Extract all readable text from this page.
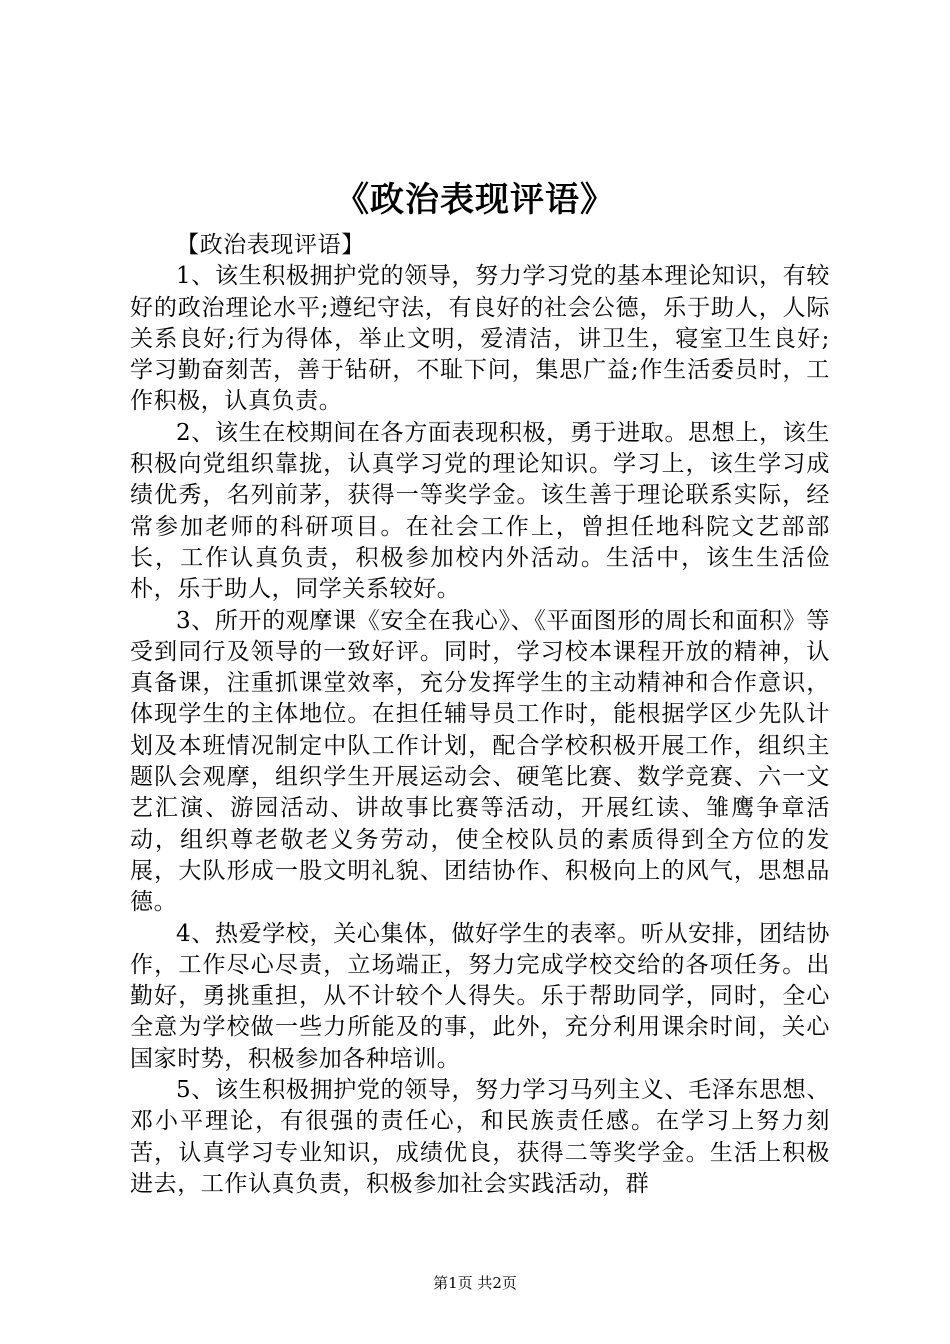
《政治表现评语》

【政治表现评语】

1、该生积极拥护党的领导，努力学习党的基本理论知识，有较好的政治理论水平;遵纪守法，有良好的社会公德，乐于助人，人际关系良好;行为得体，举止文明，爱清洁，讲卫生，寝室卫生良好;学习勤奋刻苦，善于钻研，不耻下问，集思广益;作生活委员时，工作积极，认真负责。

2、该生在校期间在各方面表现积极，勇于进取。思想上，该生积极向党组织靠拢，认真学习党的理论知识。学习上，该生学习成绩优秀，名列前茅，获得一等奖学金。该生善于理论联系实际，经常参加老师的科研项目。在社会工作上，曾担任地科院文艺部部长，工作认真负责，积极参加校内外活动。生活中，该生生活俭朴，乐于助人，同学关系较好。

3、所开的观摩课《安全在我心》、《平面图形的周长和面积》等受到同行及领导的一致好评。同时，学习校本课程开放的精神，认真备课，注重抓课堂效率，充分发挥学生的主动精神和合作意识，体现学生的主体地位。在担任辅导员工作时，能根据学区少先队计划及本班情况制定中队工作计划，配合学校积极开展工作，组织主题队会观摩，组织学生开展运动会、硬笔比赛、数学竞赛、六一文艺汇演、游园活动、讲故事比赛等活动，开展红读、雏鹰争章活动，组织尊老敬老义务劳动，使全校队员的素质得到全方位的发展，大队形成一股文明礼貌、团结协作、积极向上的风气，思想品德。

4、热爱学校，关心集体，做好学生的表率。听从安排，团结协作，工作尽心尽责，立场端正，努力完成学校交给的各项任务。出勤好，勇挑重担，从不计较个人得失。乐于帮助同学，同时，全心全意为学校做一些力所能及的事，此外，充分利用课余时间，关心国家时势，积极参加各种培训。

5、该生积极拥护党的领导，努力学习马列主义、毛泽东思想、邓小平理论，有很强的责任心，和民族责任感。在学习上努力刻苦，认真学习专业知识，成绩优良，获得二等奖学金。生活上积极进去，工作认真负责，积极参加社会实践活动，群

第1页 共2页
